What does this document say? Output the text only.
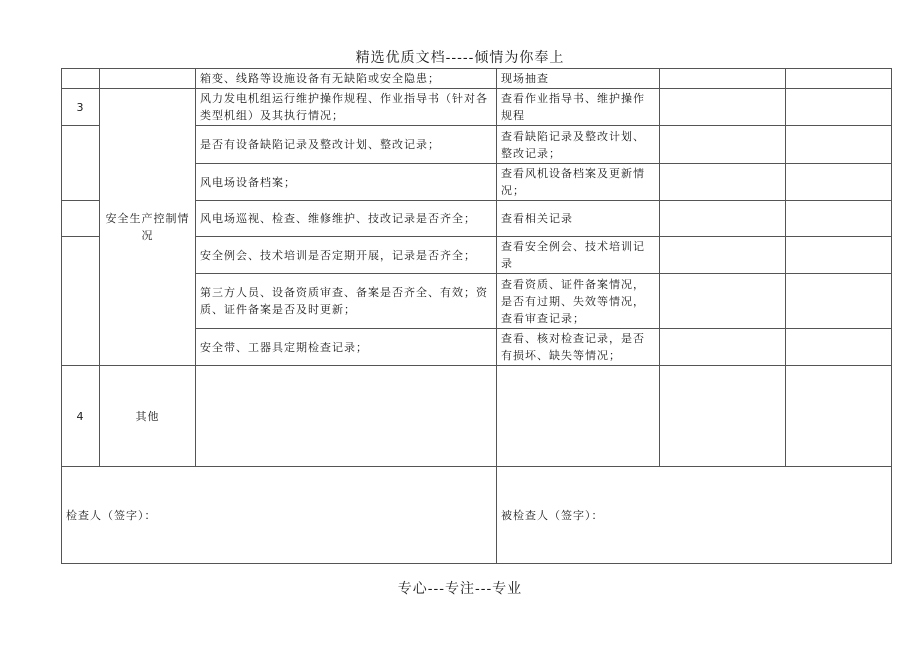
精选优质文档-----倾情为你奉上
		箱变、线路等设施设备有无缺陷或安全隐患；	现场抽查		
3	安全生产控制情况	风力发电机组运行维护操作规程、作业指导书（针对各类型机组）及其执行情况；	查看作业指导书、维护操作规程		
		是否有设备缺陷记录及整改计划、整改记录；	查看缺陷记录及整改计划、整改记录；		
		风电场设备档案；	查看风机设备档案及更新情况；		
		风电场巡视、检查、维修维护、技改记录是否齐全；	查看相关记录		
		安全例会、技术培训是否定期开展，记录是否齐全；	查看安全例会、技术培训记录		
		第三方人员、设备资质审查、备案是否齐全、有效；资质、证件备案是否及时更新；	查看资质、证件备案情况，是否有过期、失效等情况，查看审查记录；		
		安全带、工器具定期检查记录；	查看、核对检查记录，是否有损坏、缺失等情况；		
4	其他				
检查人（签字）：			被检查人（签字）：		
专心---专注---专业
